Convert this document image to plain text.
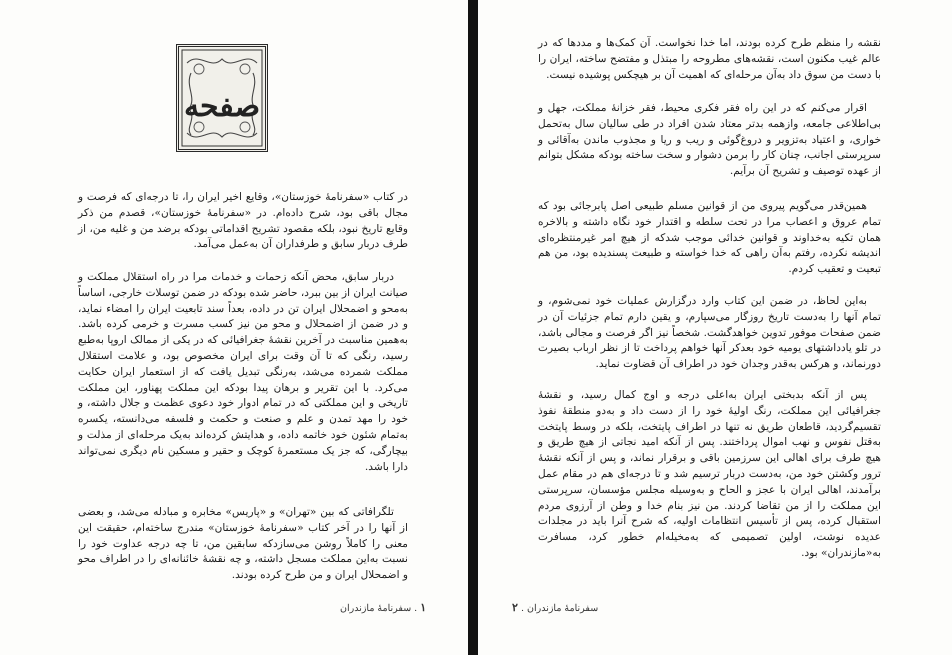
صفحه

در کتاب «سفرنامهٔ خوزستان»، وقایع اخیر ایران را، تا درجه‌ای که فرصت و مجال باقی بود، شرح داده‌ام. در «سفرنامهٔ خوزستان»، قصدم من ذکر وقایع تاریخ نبود، بلکه مقصود تشریح اقداماتی بودکه برضد من و غلیه من، از طرف دربار سابق و طرفداران آن به‌عمل می‌آمد.

دربار سابق، محض آنکه زحمات و خدمات مرا در راه استقلال مملکت و صیانت ایران از بین ببرد، حاضر شده بودکه در ضمن توسلات خارجی، اساساً به‌محو و اضمحلال ایران تن در داده، بعداً سند تابعیت ایران را امضاء نماید، و در ضمن از اضمحلال و محو من نیز کسب مسرت و خرمی کرده باشد. به‌همین مناسبت در آخرین نقشهٔ جغرافیائی که در یکی از ممالک اروپا به‌طبع رسید، رنگی که تا آن وقت برای ایران مخصوص بود، و علامت استقلال مملکت شمرده می‌شد، به‌رنگی تبدیل یافت که از استعمار ایران حکایت می‌کرد. با این تقریر و برهان پیدا بودکه این مملکت پهناور، این مملکت تاریخی و این مملکتی که در تمام ادوار خود دعوی عظمت و جلال داشته، و خود را مهد تمدن و علم و صنعت و حکمت و فلسفه می‌دانسته، یکسره به‌تمام شئون خود خاتمه داده، و هدایتش کرده‌اند به‌یک مرحله‌ای از مذلت و بیچارگی، که جز یک مستعمرهٔ کوچک و حقیر و مسکین نام دیگری نمی‌تواند دارا باشد.

تلگرافاتی که بین «تهران» و «پاریس» مخابره و مبادله می‌شد، و بعضی از آنها را در آخر کتاب «سفرنامهٔ خوزستان» مندرج ساخته‌ام، حقیقت این معنی را کاملاً روشن می‌سازدکه سابقین من، تا چه درجه عداوت خود را نسبت به‌این مملکت مسجل داشته، و چه نقشهٔ خائنانه‌ای را در اطراف محو و اضمحلال ایران و من طرح کرده بودند.

۱ . سفرنامهٔ مازندران

نقشه را منظم طرح کرده بودند، اما خدا نخواست. آن کمک‌ها و مددها که در عالم غیب مکنون است، نقشه‌های مطروحه را مبتذل و مفتضح ساخته، ایران را با دست من سوق داد به‌آن مرحله‌ای که اهمیت آن بر هیچکس پوشیده نیست.

اقرار می‌کنم که در این راه فقر فکری محیط، فقر خزانهٔ مملکت، جهل و بی‌اطلاعی جامعه، وازهمه بدتر معتاد شدن افراد در طی سالیان سال به‌تحمل خواری، و اعتیاد به‌تزویر و دروغ‌گوئی و ریب و ریا و مجذوب ماندن به‌آقائی و سرپرستی اجانب، چنان کار را برمن دشوار و سخت ساخته بودکه مشکل بتوانم از عهده توصیف و تشریح آن برآیم.

همین‌قدر می‌گویم پیروی من از قوانین مسلم طبیعی اصل پابرجائی بود که تمام عروق و اعصاب مرا در تحت سلطه و اقتدار خود نگاه داشته و بالاخره همان تکیه به‌خداوند و قوانین خدائی موجب شدکه از هیچ امر غیرمنتظره‌ای اندیشه نکرده، رفتم به‌آن راهی که خدا خواسته و طبیعت پسندیده بود، من هم تبعیت و تعقیب کردم.

به‌این لحاظ، در ضمن این کتاب وارد درگزارش عملیات خود نمی‌شوم، و تمام آنها را به‌دست تاریخ روزگار می‌سپارم، و یقین دارم تمام جزئیات آن در ضمن صفحات موفور تدوین خواهدگشت. شخصاً نیز اگر فرصت و مجالی باشد، در تلو یادداشتهای یومیه خود بعدکر آنها خواهم پرداخت تا از نظر ارباب بصیرت دورنماند، و هرکس به‌قدر وجدان خود در اطراف آن قضاوت نماید.

پس از آنکه بدبختی ایران به‌اعلی درجه و اوج کمال رسید، و نقشهٔ جغرافیائی این مملکت، رنگ اولیهٔ خود را از دست داد و به‌دو منطقهٔ نفوذ تقسیم‌گردید، قاطعان طریق نه تنها در اطراف پایتخت، بلکه در وسط پایتخت به‌قتل نفوس و نهب اموال پرداختند. پس از آنکه امید نجاتی از هیچ طریق و هیچ طرف برای اهالی این سرزمین باقی و برقرار نماند، و پس از آنکه نقشهٔ ترور وکشتن خود من، به‌دست دربار ترسیم شد و تا درجه‌ای هم در مقام عمل برآمدند، اهالی ایران با عجز و الحاح و به‌وسیله مجلس مؤسسان، سرپرستی این مملکت را از من تقاضا کردند. من نیز بنام خدا و وطن از آرزوی مردم استقبال کرده، پس از تأسیس انتظامات اولیه، که شرح آنرا باید در مجلدات عدیده نوشت، اولین تصمیمی که به‌مخیله‌ام خطور کرد، مسافرت به‌«مازندران» بود.

سفرنامهٔ مازندران . ۲
